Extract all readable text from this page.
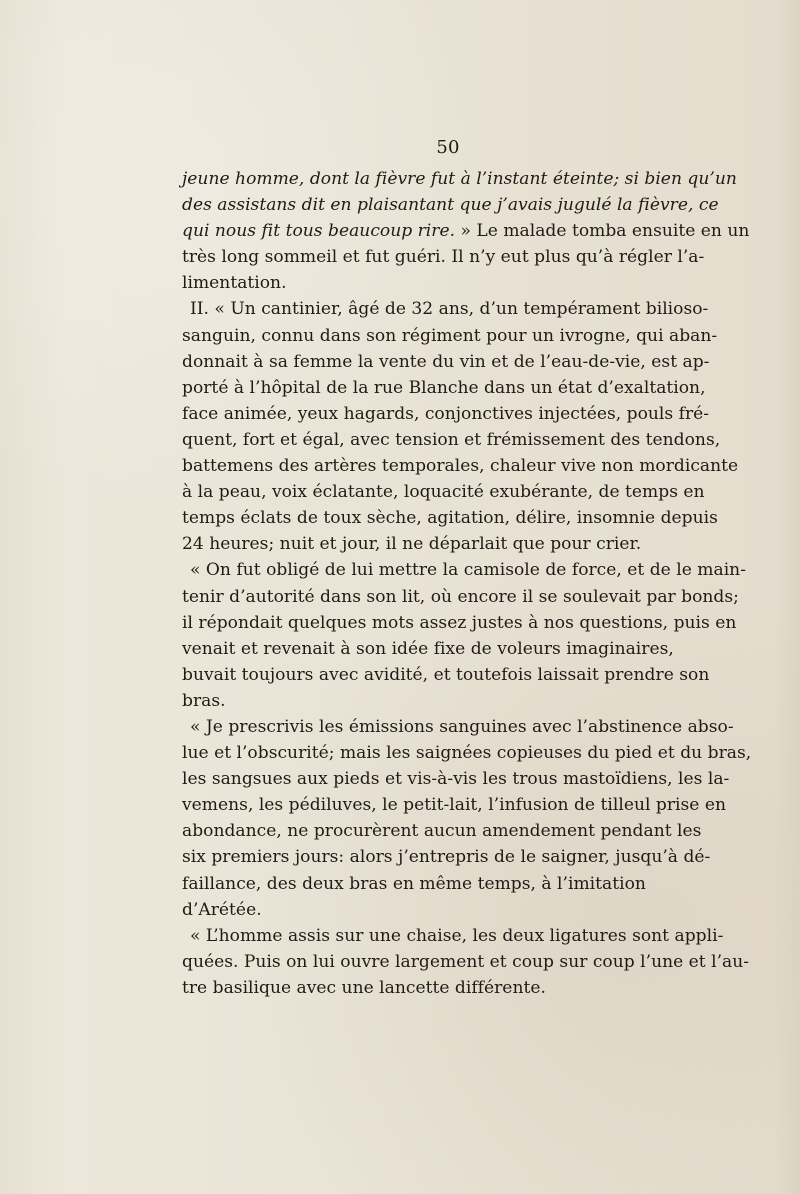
50
jeune homme, dont la fièvre fut à l’instant éteinte; si bien qu’un
des assistans dit en plaisantant que j’avais jugulé la fièvre, ce
qui nous fit tous beaucoup rire. » Le malade tomba ensuite en un
très long sommeil et fut guéri. Il n’y eut plus qu’à régler l’a-
limentation.
II. « Un cantinier, âgé de 32 ans, d’un tempérament bilioso-
sanguin, connu dans son régiment pour un ivrogne, qui aban-
donnait à sa femme la vente du vin et de l’eau-de-vie, est ap-
porté à l’hôpital de la rue Blanche dans un état d’exaltation,
face animée, yeux hagards, conjonctives injectées, pouls fré-
quent, fort et égal, avec tension et frémissement des tendons,
battemens des artères temporales, chaleur vive non mordicante
à la peau, voix éclatante, loquacité exubérante, de temps en
temps éclats de toux sèche, agitation, délire, insomnie depuis
24 heures; nuit et jour, il ne déparlait que pour crier.
« On fut obligé de lui mettre la camisole de force, et de le main-
tenir d’autorité dans son lit, où encore il se soulevait par bonds;
il répondait quelques mots assez justes à nos questions, puis en
venait et revenait à son idée fixe de voleurs imaginaires,
buvait toujours avec avidité, et toutefois laissait prendre son
bras.
« Je prescrivis les émissions sanguines avec l’abstinence abso-
lue et l’obscurité; mais les saignées copieuses du pied et du bras,
les sangsues aux pieds et vis-à-vis les trous mastoïdiens, les la-
vemens, les pédiluves, le petit-lait, l’infusion de tilleul prise en
abondance, ne procurèrent aucun amendement pendant les
six premiers jours: alors j’entrepris de le saigner, jusqu’à dé-
faillance, des deux bras en même temps, à l’imitation
d’Arétée.
« L’homme assis sur une chaise, les deux ligatures sont appli-
quées. Puis on lui ouvre largement et coup sur coup l’une et l’au-
tre basilique avec une lancette différente.
